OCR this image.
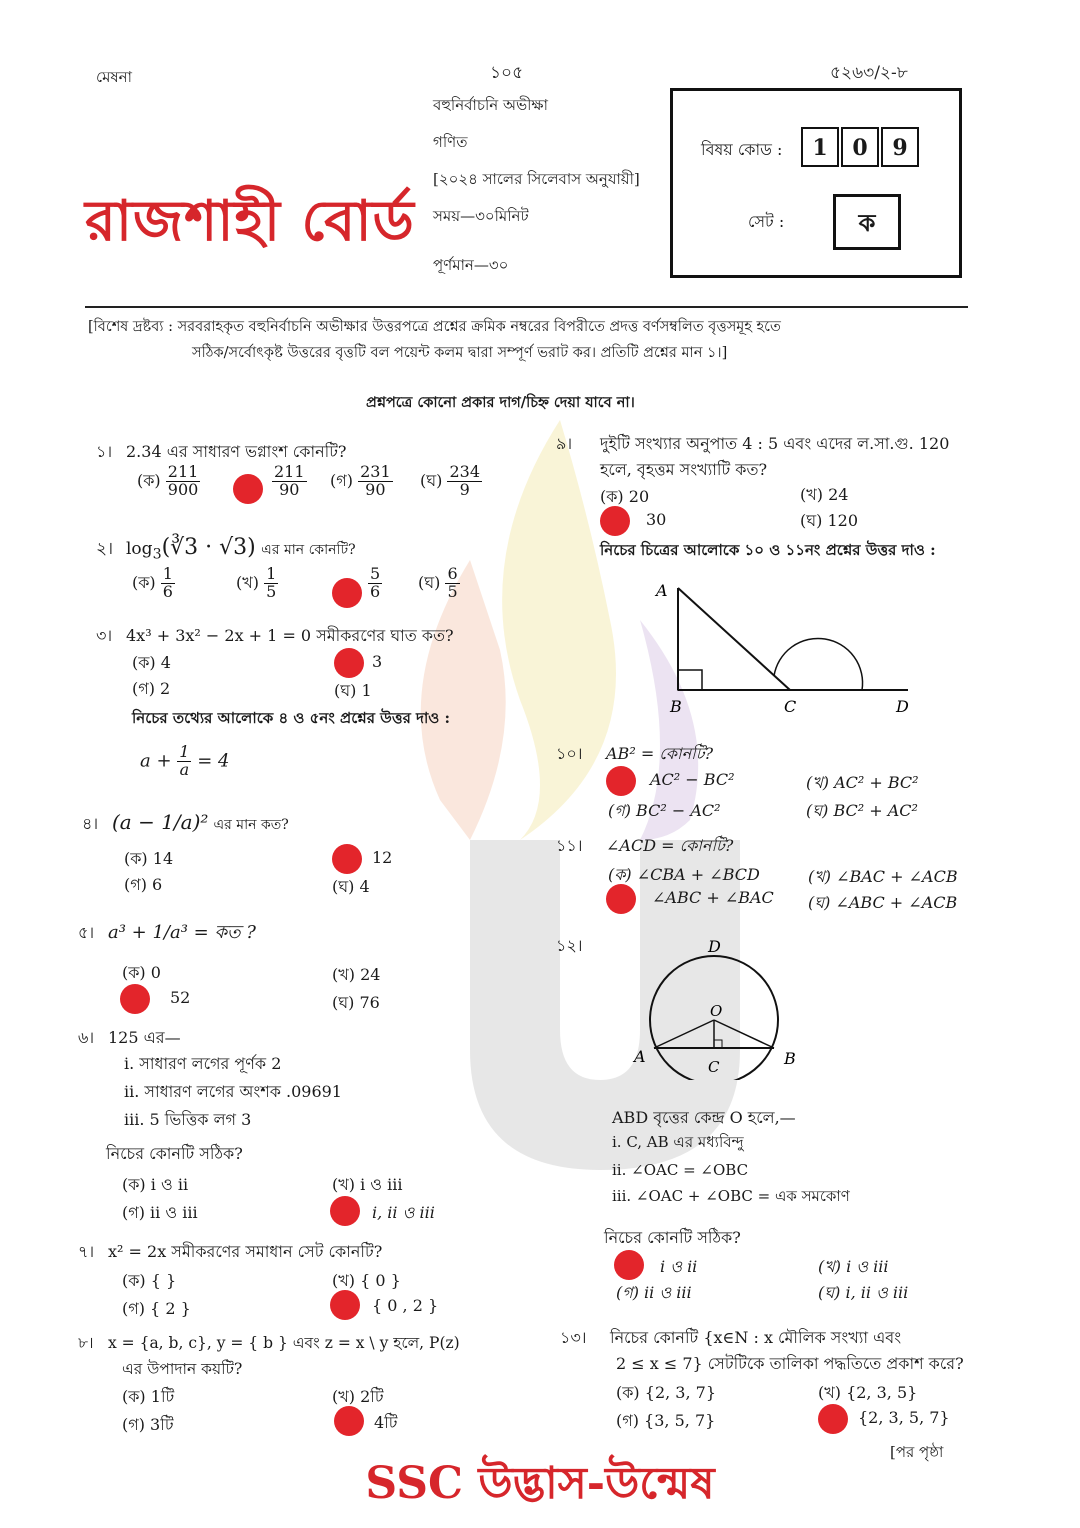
মেষনা	১০৫	৫২৬৩/২-৮
বহুনির্বাচনি অভীক্ষা
গণিত
[২০২৪ সালের সিলেবাস অনুযায়ী]
সময়—৩০মিনিট
পূর্ণমান—৩০
রাজশাহী বোর্ড
বিষয় কোড :	1	0	9
সেট :	ক
[বিশেষ দ্রষ্টব্য : সরবরাহকৃত বহুনির্বাচনি অভীক্ষার উত্তরপত্রে প্রশ্নের ক্রমিক নম্বরের বিপরীতে প্রদত্ত বর্ণসম্বলিত বৃত্তসমূহ হতে
সঠিক/সর্বোৎকৃষ্ট উত্তরের বৃত্তটি বল পয়েন্ট কলম দ্বারা সম্পূর্ণ ভরাট কর। প্রতিটি প্রশ্নের মান ১।]
প্রশ্নপত্রে কোনো প্রকার দাগ/চিহ্ন দেয়া যাবে না।
১। 2.34̇ এর সাধারণ ভগ্নাংশ কোনটি?
(ক) $\frac{211}{900}$	$\frac{211}{90}$ (গ) $\frac{231}{90}$ (ঘ) $\frac{234}{9}$
২। $\log_3(∛3 \cdot √3)$ এর মান কোনটি?
(ক) $\frac{1}{6}$	(খ) $\frac{1}{5}$	$\frac{5}{6}$ (ঘ) $\frac{6}{5}$
৩। 4x³ + 3x² − 2x + 1 = 0 সমীকরণের ঘাত কত?
(ক) 4	3
(গ) 2	(ঘ) 1
নিচের তথ্যের আলোকে ৪ ও ৫নং প্রশ্নের উত্তর দাও :
$a + \frac{1}{a} = 4$
৪। (a − 1/a)² এর মান কত?
(ক) 14	12
(গ) 6	(ঘ) 4
৫। a³ + 1/a³ = কত ?
(ক) 0	(খ) 24
52	(ঘ) 76
৬। 125 এর—
i. সাধারণ লগের পূর্ণক 2
ii. সাধারণ লগের অংশক .09691
iii. 5 ভিত্তিক লগ 3
নিচের কোনটি সঠিক?
(ক) i ও ii	(খ) i ও iii
(গ) ii ও iii	i, ii ও iii
৭। x² = 2x সমীকরণের সমাধান সেট কোনটি?
(ক) { }	(খ) { 0 }
(গ) { 2 }	{ 0 , 2 }
৮। x = {a, b, c}, y = { b } এবং z = x \ y হলে, P(z)
এর উপাদান কয়টি?
(ক) 1টি	(খ) 2টি
(গ) 3টি	4টি
৯। দুইটি সংখ্যার অনুপাত 4 : 5 এবং এদের ল.সা.গু. 120
হলে, বৃহত্তম সংখ্যাটি কত?
(ক) 20	(খ) 24
30	(ঘ) 120
নিচের চিত্রের আলোকে ১০ ও ১১নং প্রশ্নের উত্তর দাও :
A
B	C	D
১০। AB² = কোনটি?
AC² − BC²	(খ) AC² + BC²
(গ) BC² − AC²	(ঘ) BC² + AC²
১১। ∠ACD = কোনটি?
(ক) ∠CBA + ∠BCD	(খ) ∠BAC + ∠ACB
∠ABC + ∠BAC (ঘ) ∠ABC + ∠ACB
১২।	D
O
A
C	B
ABD বৃত্তের কেন্দ্র O হলে,—
i. C, AB এর মধ্যবিন্দু
ii. ∠OAC = ∠OBC
iii. ∠OAC + ∠OBC = এক সমকোণ
নিচের কোনটি সঠিক?
i ও ii	(খ) i ও iii
(গ) ii ও iii	(ঘ) i, ii ও iii
১৩। নিচের কোনটি {x∈N : x মৌলিক সংখ্যা এবং
2 ≤ x ≤ 7} সেটটিকে তালিকা পদ্ধতিতে প্রকাশ করে?
(ক) {2, 3, 7}	(খ) {2, 3, 5}
(গ) {3, 5, 7}	{2, 3, 5, 7}
[পর পৃষ্ঠা
SSC উদ্ভাস-উন্মেষ
